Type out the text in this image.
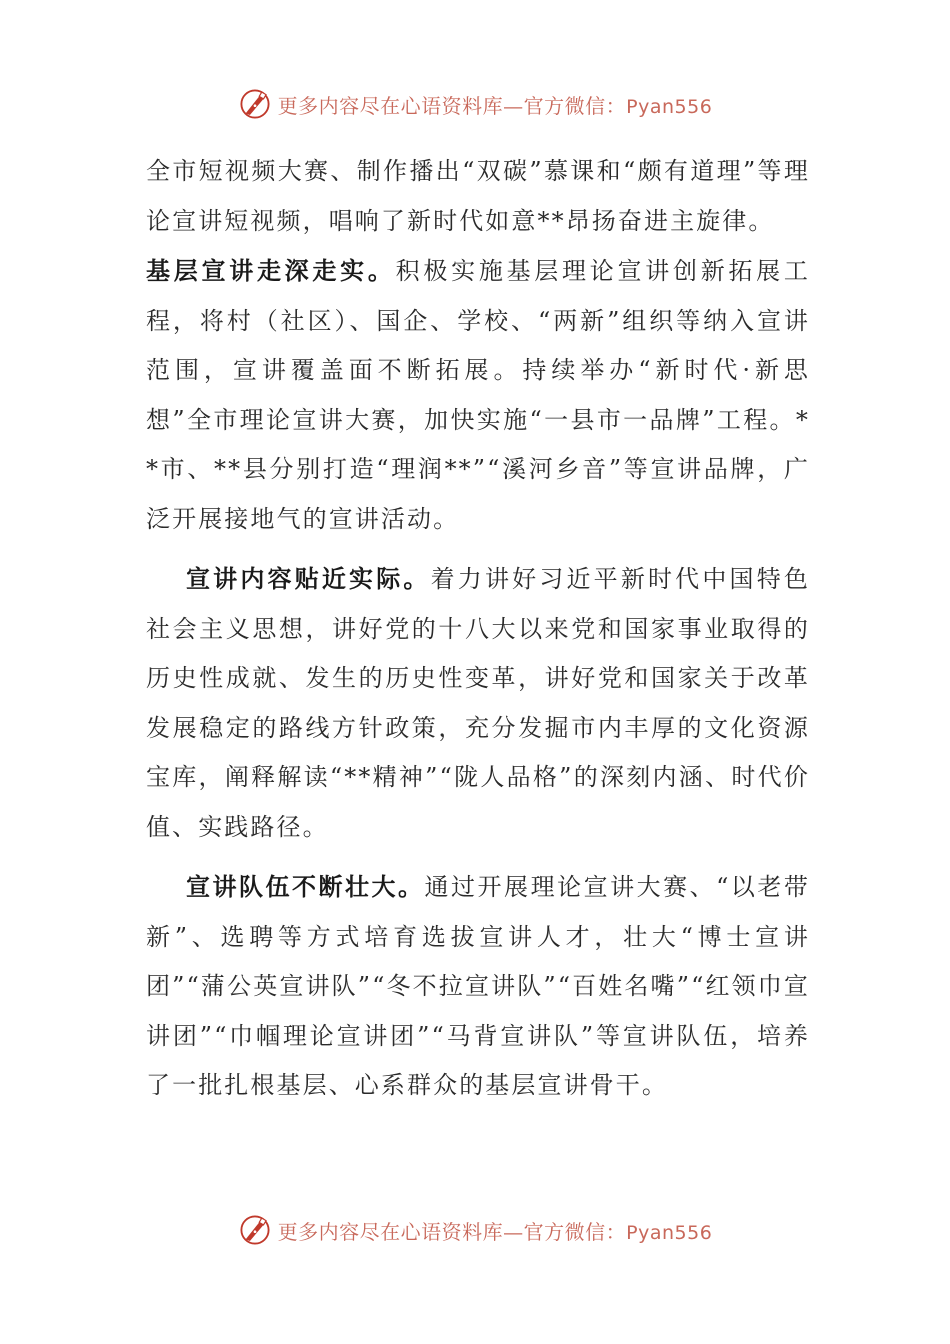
更多内容尽在心语资料库—官方微信：Pyan556

全市短视频大赛、制作播出“双碳”慕课和“颇有道理”等理论宣讲短视频，唱响了新时代如意**昂扬奋进主旋律。

基层宣讲走深走实。积极实施基层理论宣讲创新拓展工程，将村（社区）、国企、学校、“两新”组织等纳入宣讲范围，宣讲覆盖面不断拓展。持续举办“新时代·新思想”全市理论宣讲大赛，加快实施“一县市一品牌”工程。**市、**县分别打造“理润**”“溪河乡音”等宣讲品牌，广泛开展接地气的宣讲活动。

宣讲内容贴近实际。着力讲好习近平新时代中国特色社会主义思想，讲好党的十八大以来党和国家事业取得的历史性成就、发生的历史性变革，讲好党和国家关于改革发展稳定的路线方针政策，充分发掘市内丰厚的文化资源宝库，阐释解读“**精神”“陇人品格”的深刻内涵、时代价值、实践路径。

宣讲队伍不断壮大。通过开展理论宣讲大赛、“以老带新”、选聘等方式培育选拔宣讲人才，壮大“博士宣讲团”“蒲公英宣讲队”“冬不拉宣讲队”“百姓名嘴”“红领巾宣讲团”“巾帼理论宣讲团”“马背宣讲队”等宣讲队伍，培养了一批扎根基层、心系群众的基层宣讲骨干。

更多内容尽在心语资料库—官方微信：Pyan556
